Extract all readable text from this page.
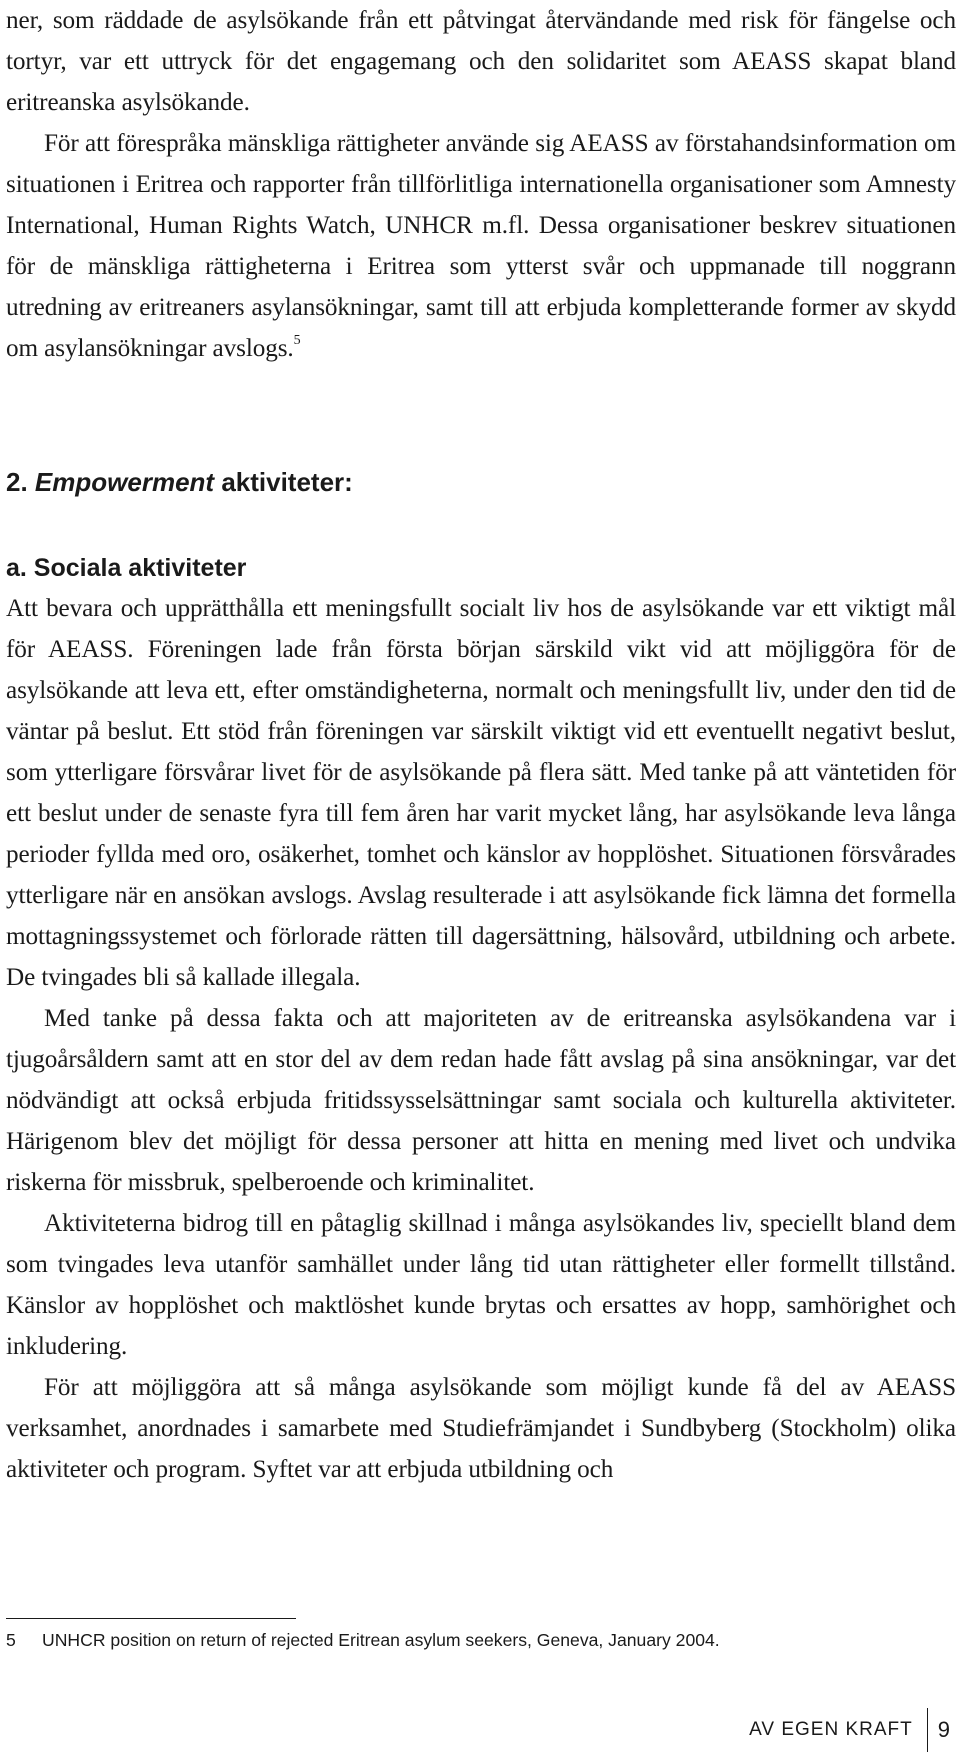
ner, som räddade de asylsökande från ett påtvingat återvändande med risk för fängelse och tortyr, var ett uttryck för det engagemang och den solidaritet som AEASS skapat bland eritreanska asylsökande.

För att förespråka mänskliga rättigheter använde sig AEASS av förstahandsinformation om situationen i Eritrea och rapporter från tillförlitliga internationella organisationer som Amnesty International, Human Rights Watch, UNHCR m.fl. Dessa organisationer beskrev situationen för de mänskliga rättigheterna i Eritrea som ytterst svår och uppmanade till noggrann utredning av eritreaners asylansökningar, samt till att erbjuda kompletterande former av skydd om asylansökningar avslogs.$^5$

2. Empowerment aktiviteter:
a. Sociala aktiviteter

Att bevara och upprätthålla ett meningsfullt socialt liv hos de asylsökande var ett viktigt mål för AEASS. Föreningen lade från första början särskild vikt vid att möjliggöra för de asylsökande att leva ett, efter omständigheterna, normalt och meningsfullt liv, under den tid de väntar på beslut. Ett stöd från föreningen var särskilt viktigt vid ett eventuellt negativt beslut, som ytterligare försvårar livet för de asylsökande på flera sätt. Med tanke på att väntetiden för ett beslut under de senaste fyra till fem åren har varit mycket lång, har asylsökande leva långa perioder fyllda med oro, osäkerhet, tomhet och känslor av hopplöshet. Situationen försvårades ytterligare när en ansökan avslogs. Avslag resulterade i att asylsökande fick lämna det formella mottagningssystemet och förlorade rätten till dagersättning, hälsovård, utbildning och arbete. De tvingades bli så kallade illegala.

Med tanke på dessa fakta och att majoriteten av de eritreanska asylsökandena var i tjugoårsåldern samt att en stor del av dem redan hade fått avslag på sina ansökningar, var det nödvändigt att också erbjuda fritidssysselsättningar samt sociala och kulturella aktiviteter. Härigenom blev det möjligt för dessa personer att hitta en mening med livet och undvika riskerna för missbruk, spelberoende och kriminalitet.

Aktiviteterna bidrog till en påtaglig skillnad i många asylsökandes liv, speciellt bland dem som tvingades leva utanför samhället under lång tid utan rättigheter eller formellt tillstånd. Känslor av hopplöshet och maktlöshet kunde brytas och ersattes av hopp, samhörighet och inkludering.

För att möjliggöra att så många asylsökande som möjligt kunde få del av AEASS verksamhet, anordnades i samarbete med Studiefrämjandet i Sundbyberg (Stockholm) olika aktiviteter och program. Syftet var att erbjuda utbildning och

5 UNHCR position on return of rejected Eritrean asylum seekers, Geneva, January 2004.
AV EGEN KRAFT	9
